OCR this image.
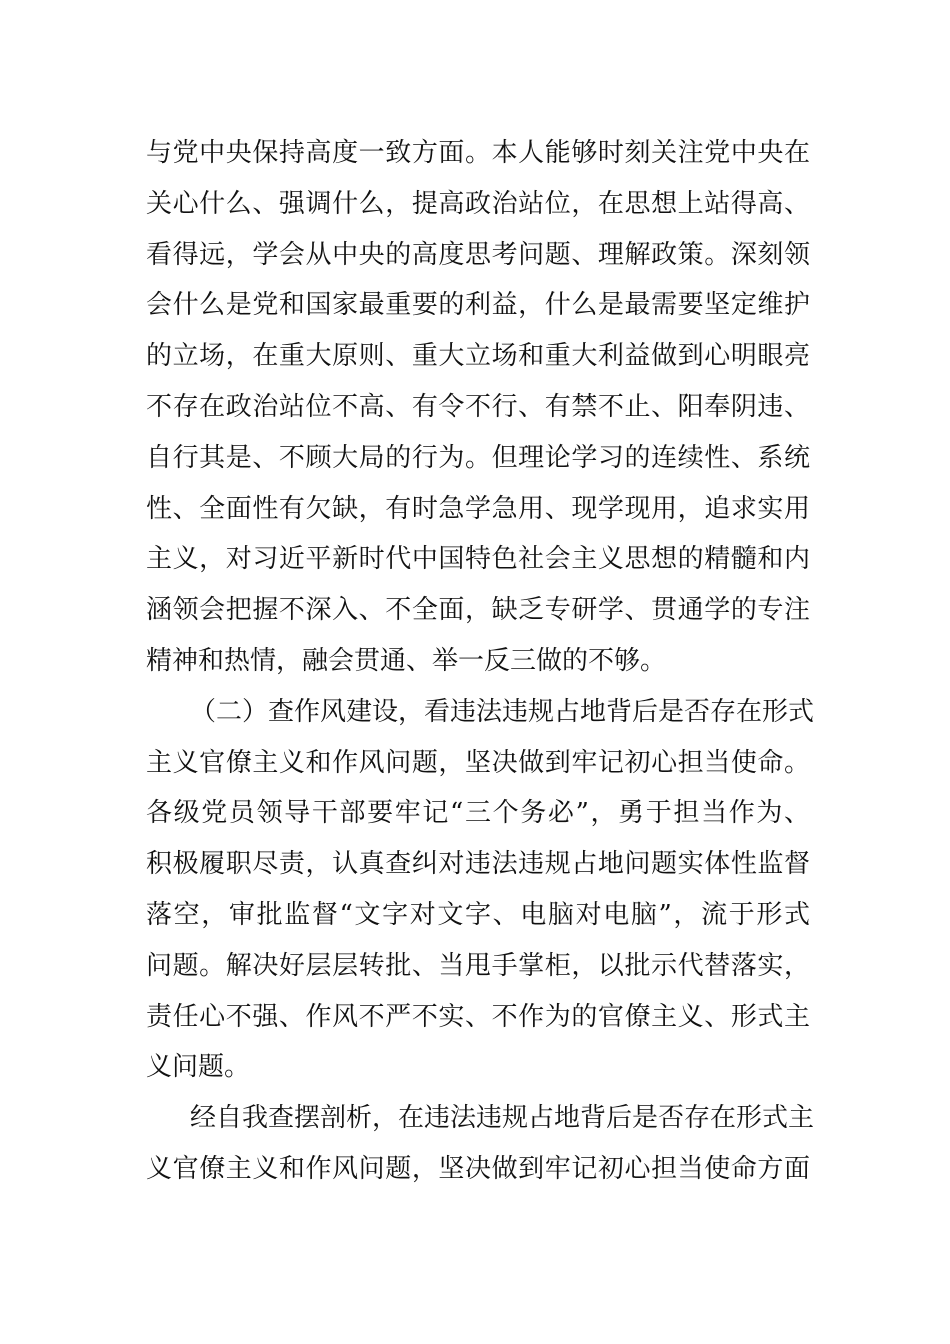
与党中央保持高度一致方面。本人能够时刻关注党中央在
关心什么、强调什么，提高政治站位，在思想上站得高、
看得远，学会从中央的高度思考问题、理解政策。深刻领
会什么是党和国家最重要的利益，什么是最需要坚定维护
的立场，在重大原则、重大立场和重大利益做到心明眼亮
不存在政治站位不高、有令不行、有禁不止、阳奉阴违、
自行其是、不顾大局的行为。但理论学习的连续性、系统
性、全面性有欠缺，有时急学急用、现学现用，追求实用
主义，对习近平新时代中国特色社会主义思想的精髓和内
涵领会把握不深入、不全面，缺乏专研学、贯通学的专注
精神和热情，融会贯通、举一反三做的不够。
（二）查作风建设，看违法违规占地背后是否存在形式
主义官僚主义和作风问题，坚决做到牢记初心担当使命。
各级党员领导干部要牢记“三个务必”，勇于担当作为、
积极履职尽责，认真查纠对违法违规占地问题实体性监督
落空，审批监督“文字对文字、电脑对电脑”，流于形式
问题。解决好层层转批、当甩手掌柜，以批示代替落实，
责任心不强、作风不严不实、不作为的官僚主义、形式主
义问题。
经自我查摆剖析，在违法违规占地背后是否存在形式主
义官僚主义和作风问题，坚决做到牢记初心担当使命方面
